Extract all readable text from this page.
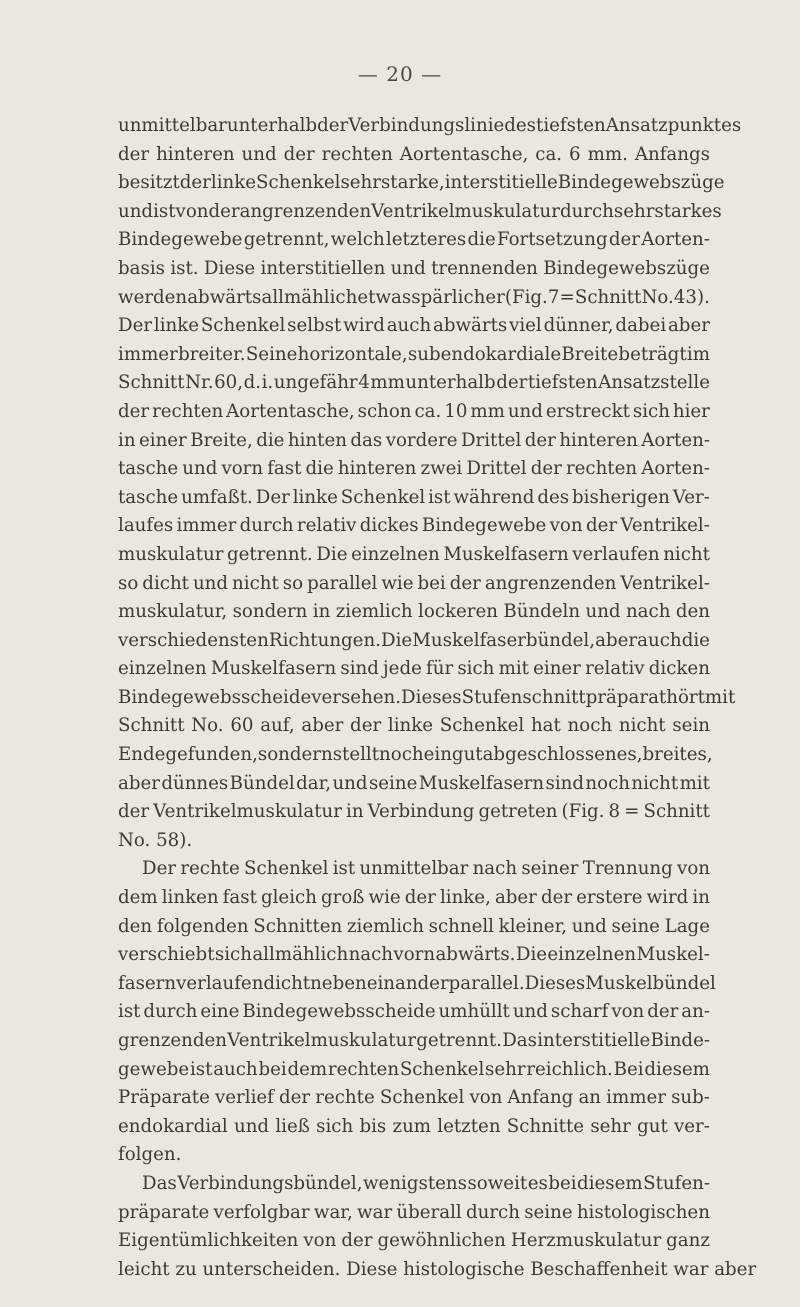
— 20 —
unmittelbar unterhalb der Verbindungslinie des tiefsten Ansatzpunktes
der hinteren und der rechten Aortentasche, ca. 6 mm. Anfangs
besitzt der linke Schenkel sehr starke, interstitielle Bindegewebszüge
und ist von der angrenzenden Ventrikelmuskulatur durch sehr starkes
Bindegewebe getrennt, welch letzteres die Fortsetzung der Aorten-
basis ist. Diese interstitiellen und trennenden Bindegewebszüge
werden abwärts allmählich etwas spärlicher (Fig. 7 = Schnitt No. 43).
Der linke Schenkel selbst wird auch abwärts viel dünner, dabei aber
immer breiter. Seine horizontale, subendokardiale Breite beträgt im
Schnitt Nr. 60, d. i. ungefähr 4 mm unterhalb der tiefsten Ansatzstelle
der rechten Aortentasche, schon ca. 10 mm und erstreckt sich hier
in einer Breite, die hinten das vordere Drittel der hinteren Aorten-
tasche und vorn fast die hinteren zwei Drittel der rechten Aorten-
tasche umfaßt. Der linke Schenkel ist während des bisherigen Ver-
laufes immer durch relativ dickes Bindegewebe von der Ventrikel-
muskulatur getrennt. Die einzelnen Muskelfasern verlaufen nicht
so dicht und nicht so parallel wie bei der angrenzenden Ventrikel-
muskulatur, sondern in ziemlich lockeren Bündeln und nach den
verschiedensten Richtungen. Die Muskelfaserbündel, aber auch die
einzelnen Muskelfasern sind jede für sich mit einer relativ dicken
Bindegewebsscheide versehen. Dieses Stufenschnittpräparat hört mit
Schnitt No. 60 auf, aber der linke Schenkel hat noch nicht sein
Ende gefunden, sondern stellt noch ein gut abgeschlossenes, breites,
aber dünnes Bündel dar, und seine Muskelfasern sind noch nicht mit
der Ventrikelmuskulatur in Verbindung getreten (Fig. 8 = Schnitt
No. 58).
Der rechte Schenkel ist unmittelbar nach seiner Trennung von
dem linken fast gleich groß wie der linke, aber der erstere wird in
den folgenden Schnitten ziemlich schnell kleiner, und seine Lage
verschiebt sich allmählich nach vorn abwärts. Die einzelnen Muskel-
fasern verlaufen dicht nebeneinander parallel. Dieses Muskelbündel
ist durch eine Bindegewebsscheide umhüllt und scharf von der an-
grenzenden Ventrikelmuskulatur getrennt. Das interstitielle Binde-
gewebe ist auch bei dem rechten Schenkel sehr reichlich. Bei diesem
Präparate verlief der rechte Schenkel von Anfang an immer sub-
endokardial und ließ sich bis zum letzten Schnitte sehr gut ver-
folgen.
Das Verbindungsbündel, wenigstens soweit es bei diesem Stufen-
präparate verfolgbar war, war überall durch seine histologischen
Eigentümlichkeiten von der gewöhnlichen Herzmuskulatur ganz
leicht zu unterscheiden. Diese histologische Beschaffenheit war aber
